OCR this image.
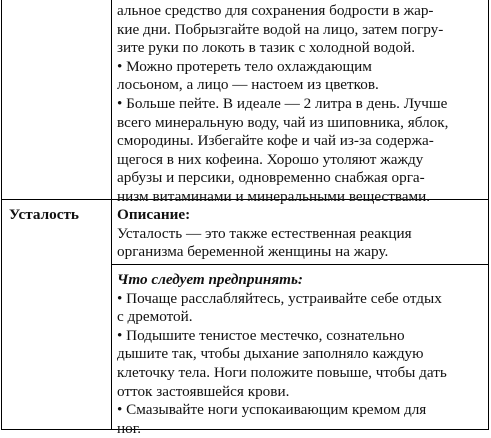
альное средство для сохранения бодрости в жар-
кие дни. Побрызгайте водой на лицо, затем погру-
зите руки по локоть в тазик с холодной водой.
• Можно протереть тело охлаждающим
лосьоном, а лицо — настоем из цветков.
• Больше пейте. В идеале — 2 литра в день. Лучше
всего минеральную воду, чай из шиповника, яблок,
смородины. Избегайте кофе и чай из-за содержа-
щегося в них кофеина. Хорошо утоляют жажду
арбузы и персики, одновременно снабжая орга-
низм витаминами и минеральными веществами.
Усталость	Описание:
Усталость — это также естественная реакция
организма беременной женщины на жару.
Что следует предпринять:
• Почаще расслабляйтесь, устраивайте себе отдых
с дремотой.
• Подышите тенистое местечко, сознательно
дышите так, чтобы дыхание заполняло каждую
клеточку тела. Ноги положите повыше, чтобы дать
отток застоявшейся крови.
• Смазывайте ноги успокаивающим кремом для
ног.
